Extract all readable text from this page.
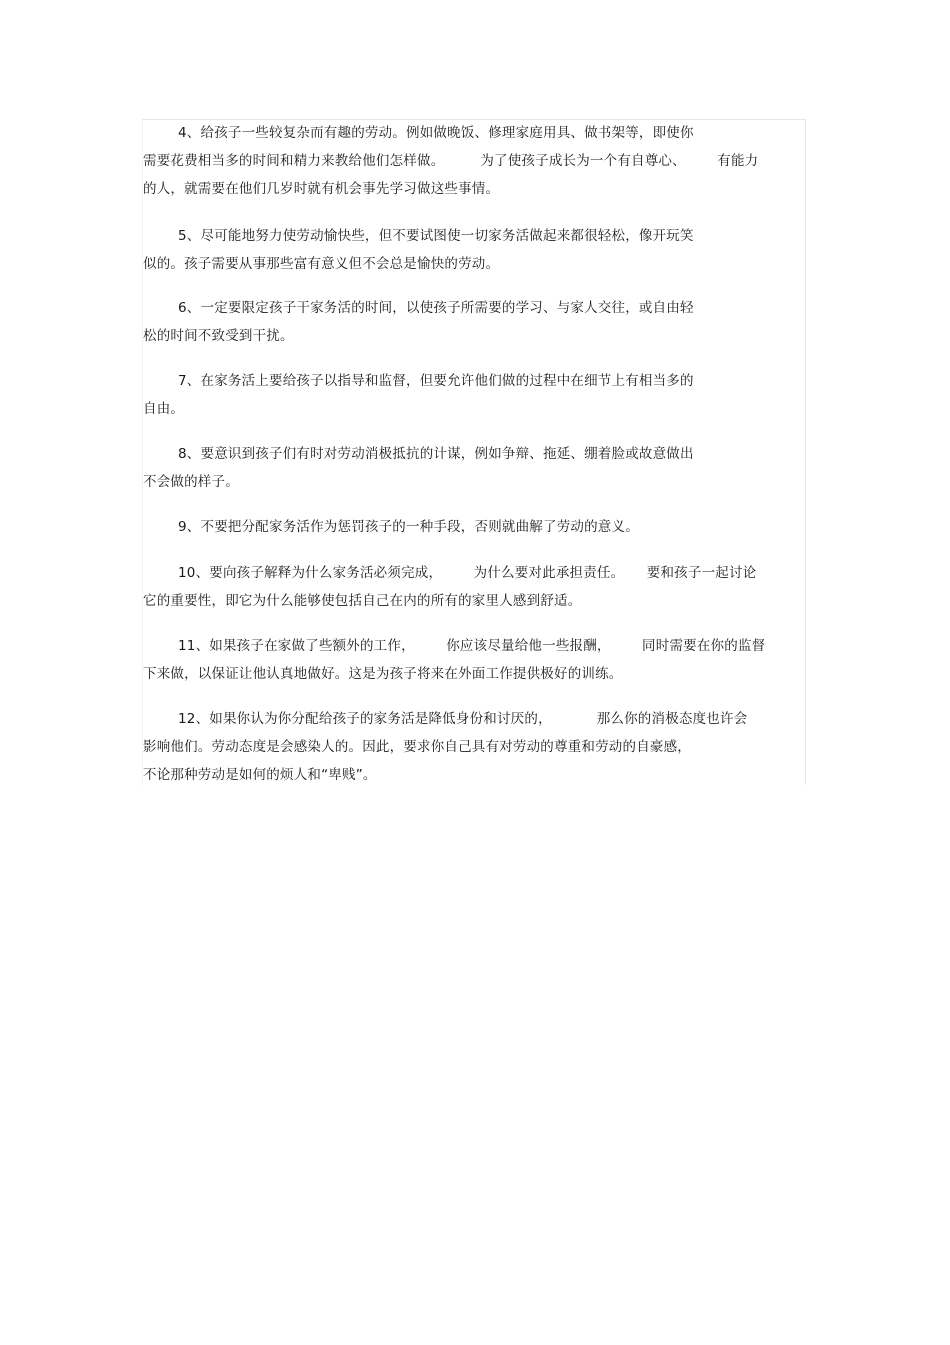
4、给孩子一些较复杂而有趣的劳动。例如做晚饭、修理家庭用具、做书架等，即使你
需要花费相当多的时间和精力来教给他们怎样做。        为了使孩子成长为一个有自尊心、       有能力
的人，就需要在他们几岁时就有机会事先学习做这些事情。
5、尽可能地努力使劳动愉快些，但不要试图使一切家务活做起来都很轻松，像开玩笑
似的。孩子需要从事那些富有意义但不会总是愉快的劳动。
6、一定要限定孩子干家务活的时间，以使孩子所需要的学习、与家人交往，或自由轻
松的时间不致受到干扰。
7、在家务活上要给孩子以指导和监督，但要允许他们做的过程中在细节上有相当多的
自由。
8、要意识到孩子们有时对劳动消极抵抗的计谋，例如争辩、拖延、绷着脸或故意做出
不会做的样子。
9、不要把分配家务活作为惩罚孩子的一种手段，否则就曲解了劳动的意义。
10、要向孩子解释为什么家务活必须完成，       为什么要对此承担责任。     要和孩子一起讨论
它的重要性，即它为什么能够使包括自己在内的所有的家里人感到舒适。
11、如果孩子在家做了些额外的工作，       你应该尽量给他一些报酬，       同时需要在你的监督
下来做，以保证让他认真地做好。这是为孩子将来在外面工作提供极好的训练。
12、如果你认为你分配给孩子的家务活是降低身份和讨厌的，          那么你的消极态度也许会
影响他们。劳动态度是会感染人的。因此，要求你自己具有对劳动的尊重和劳动的自豪感，
不论那种劳动是如何的烦人和“卑贱”。
